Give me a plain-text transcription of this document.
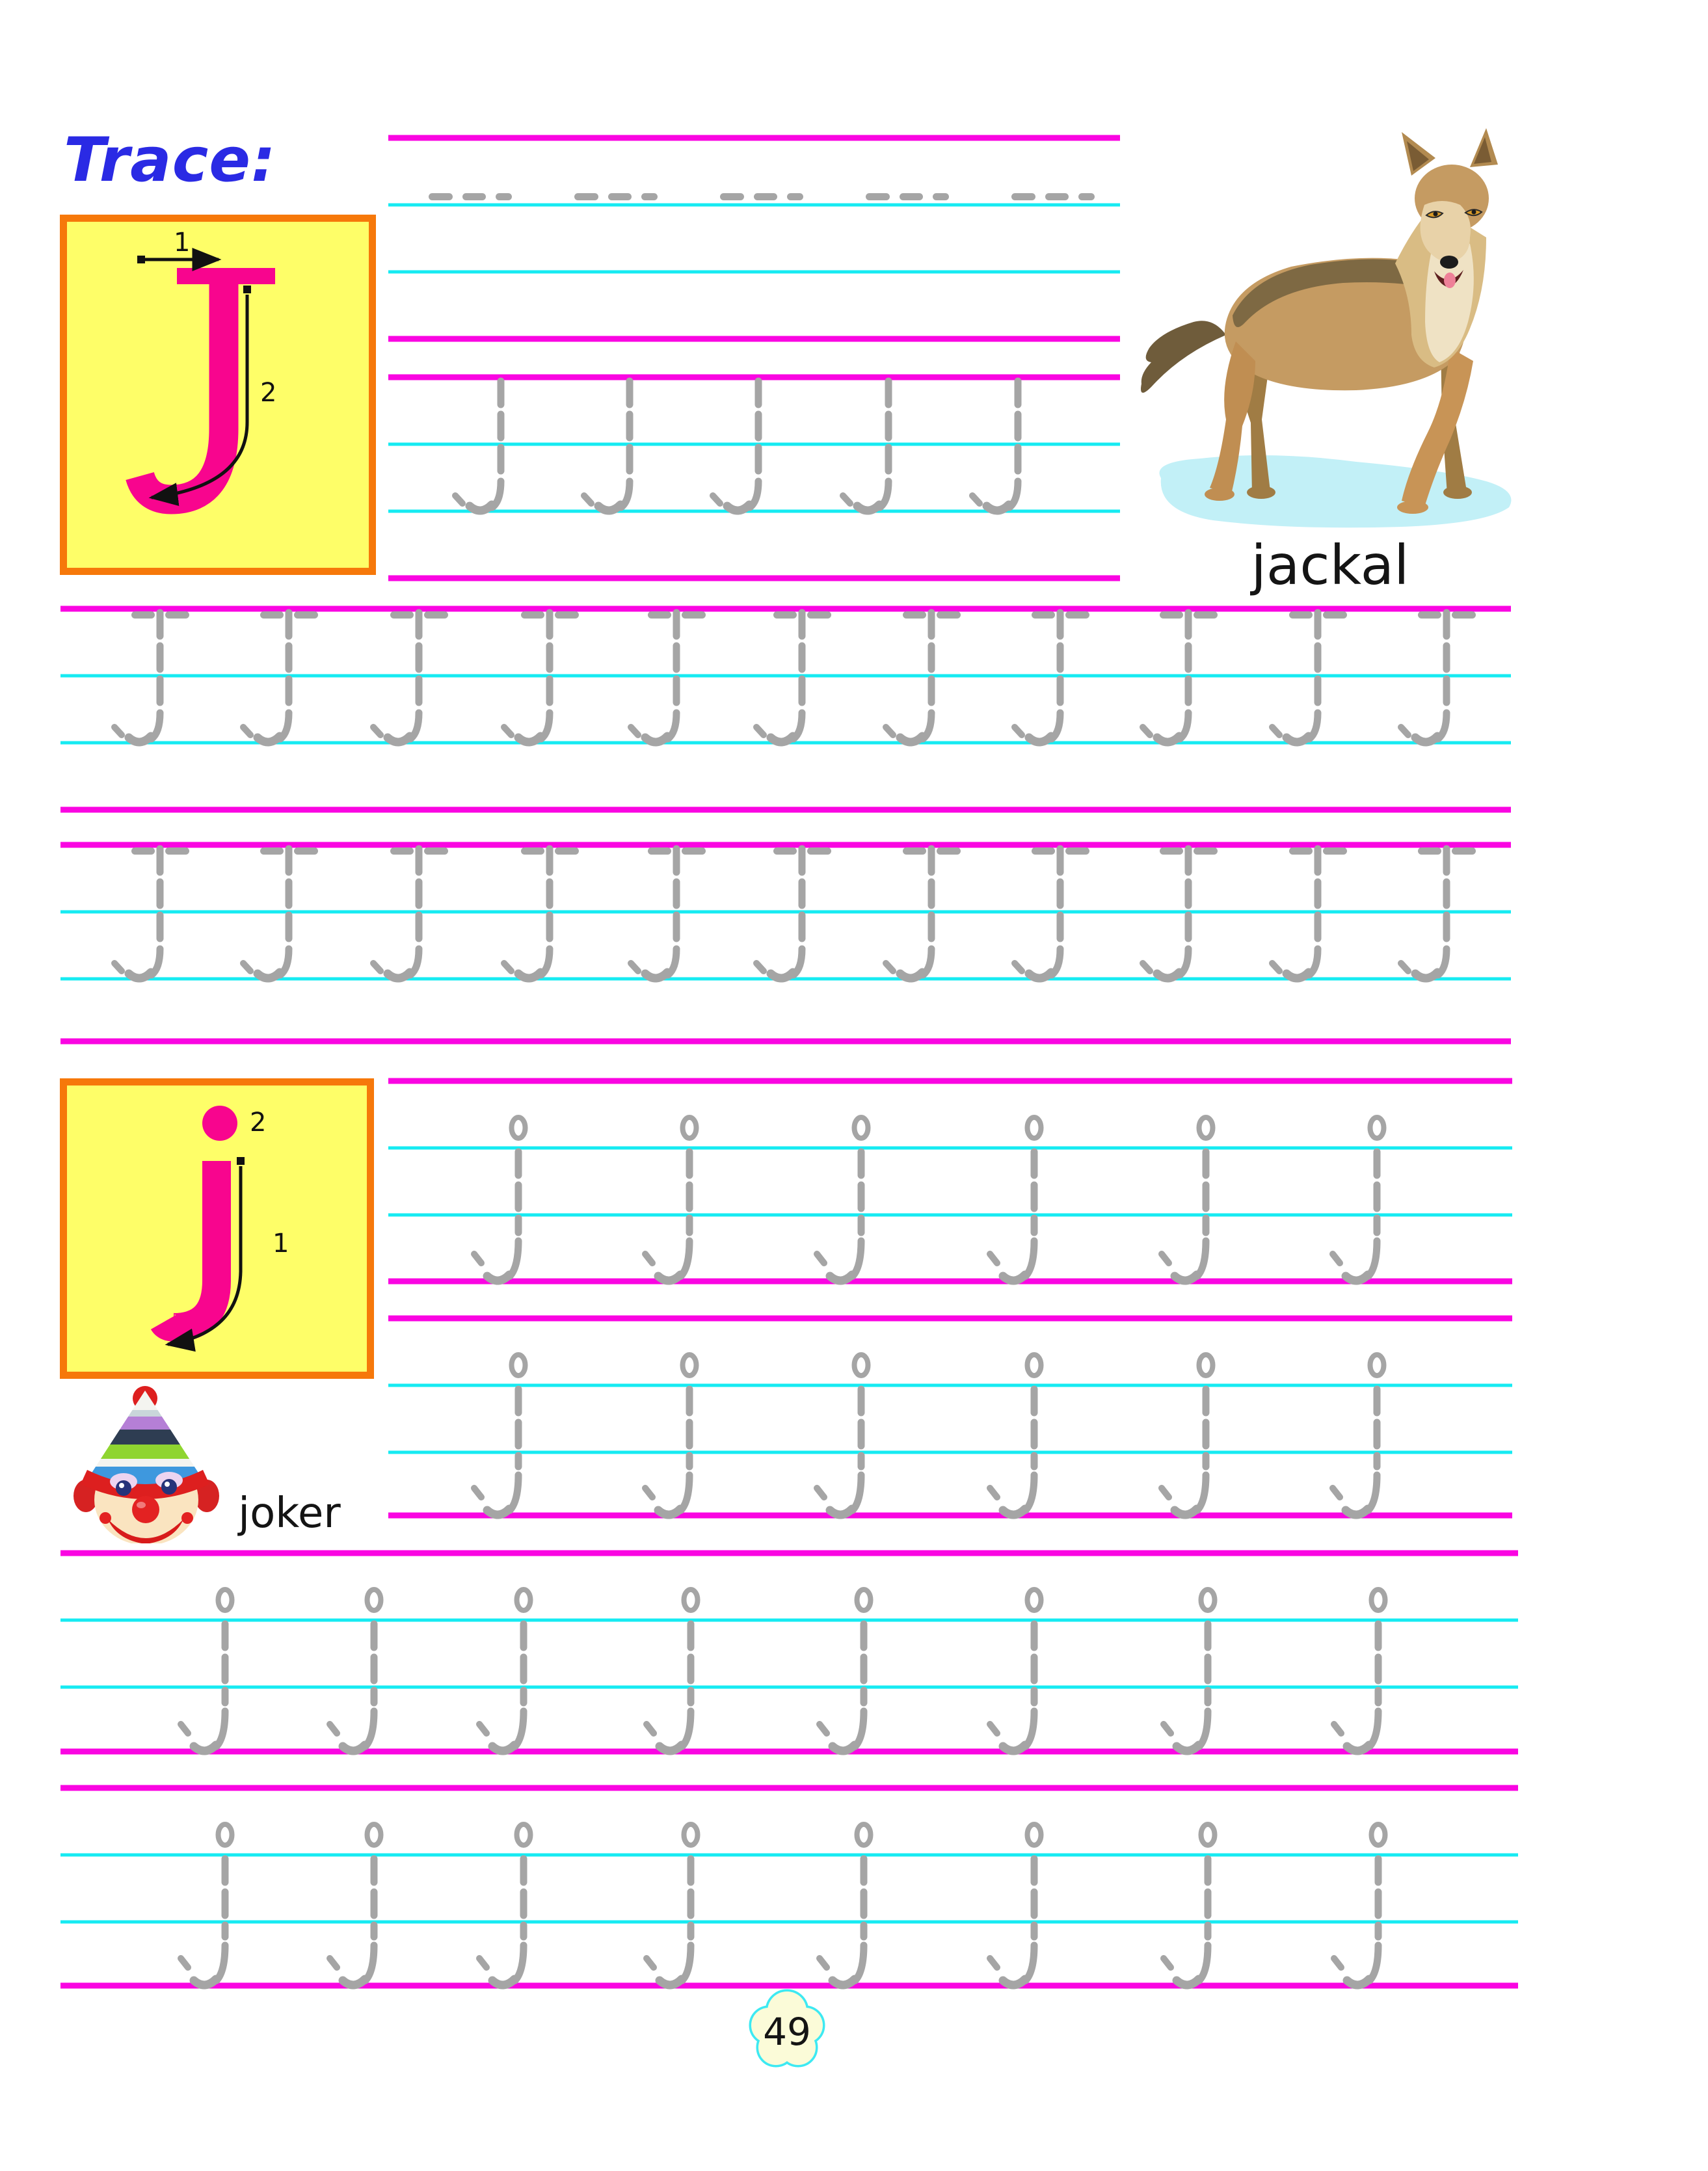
Trace:
1
2
jackal
1
2
joker
49
